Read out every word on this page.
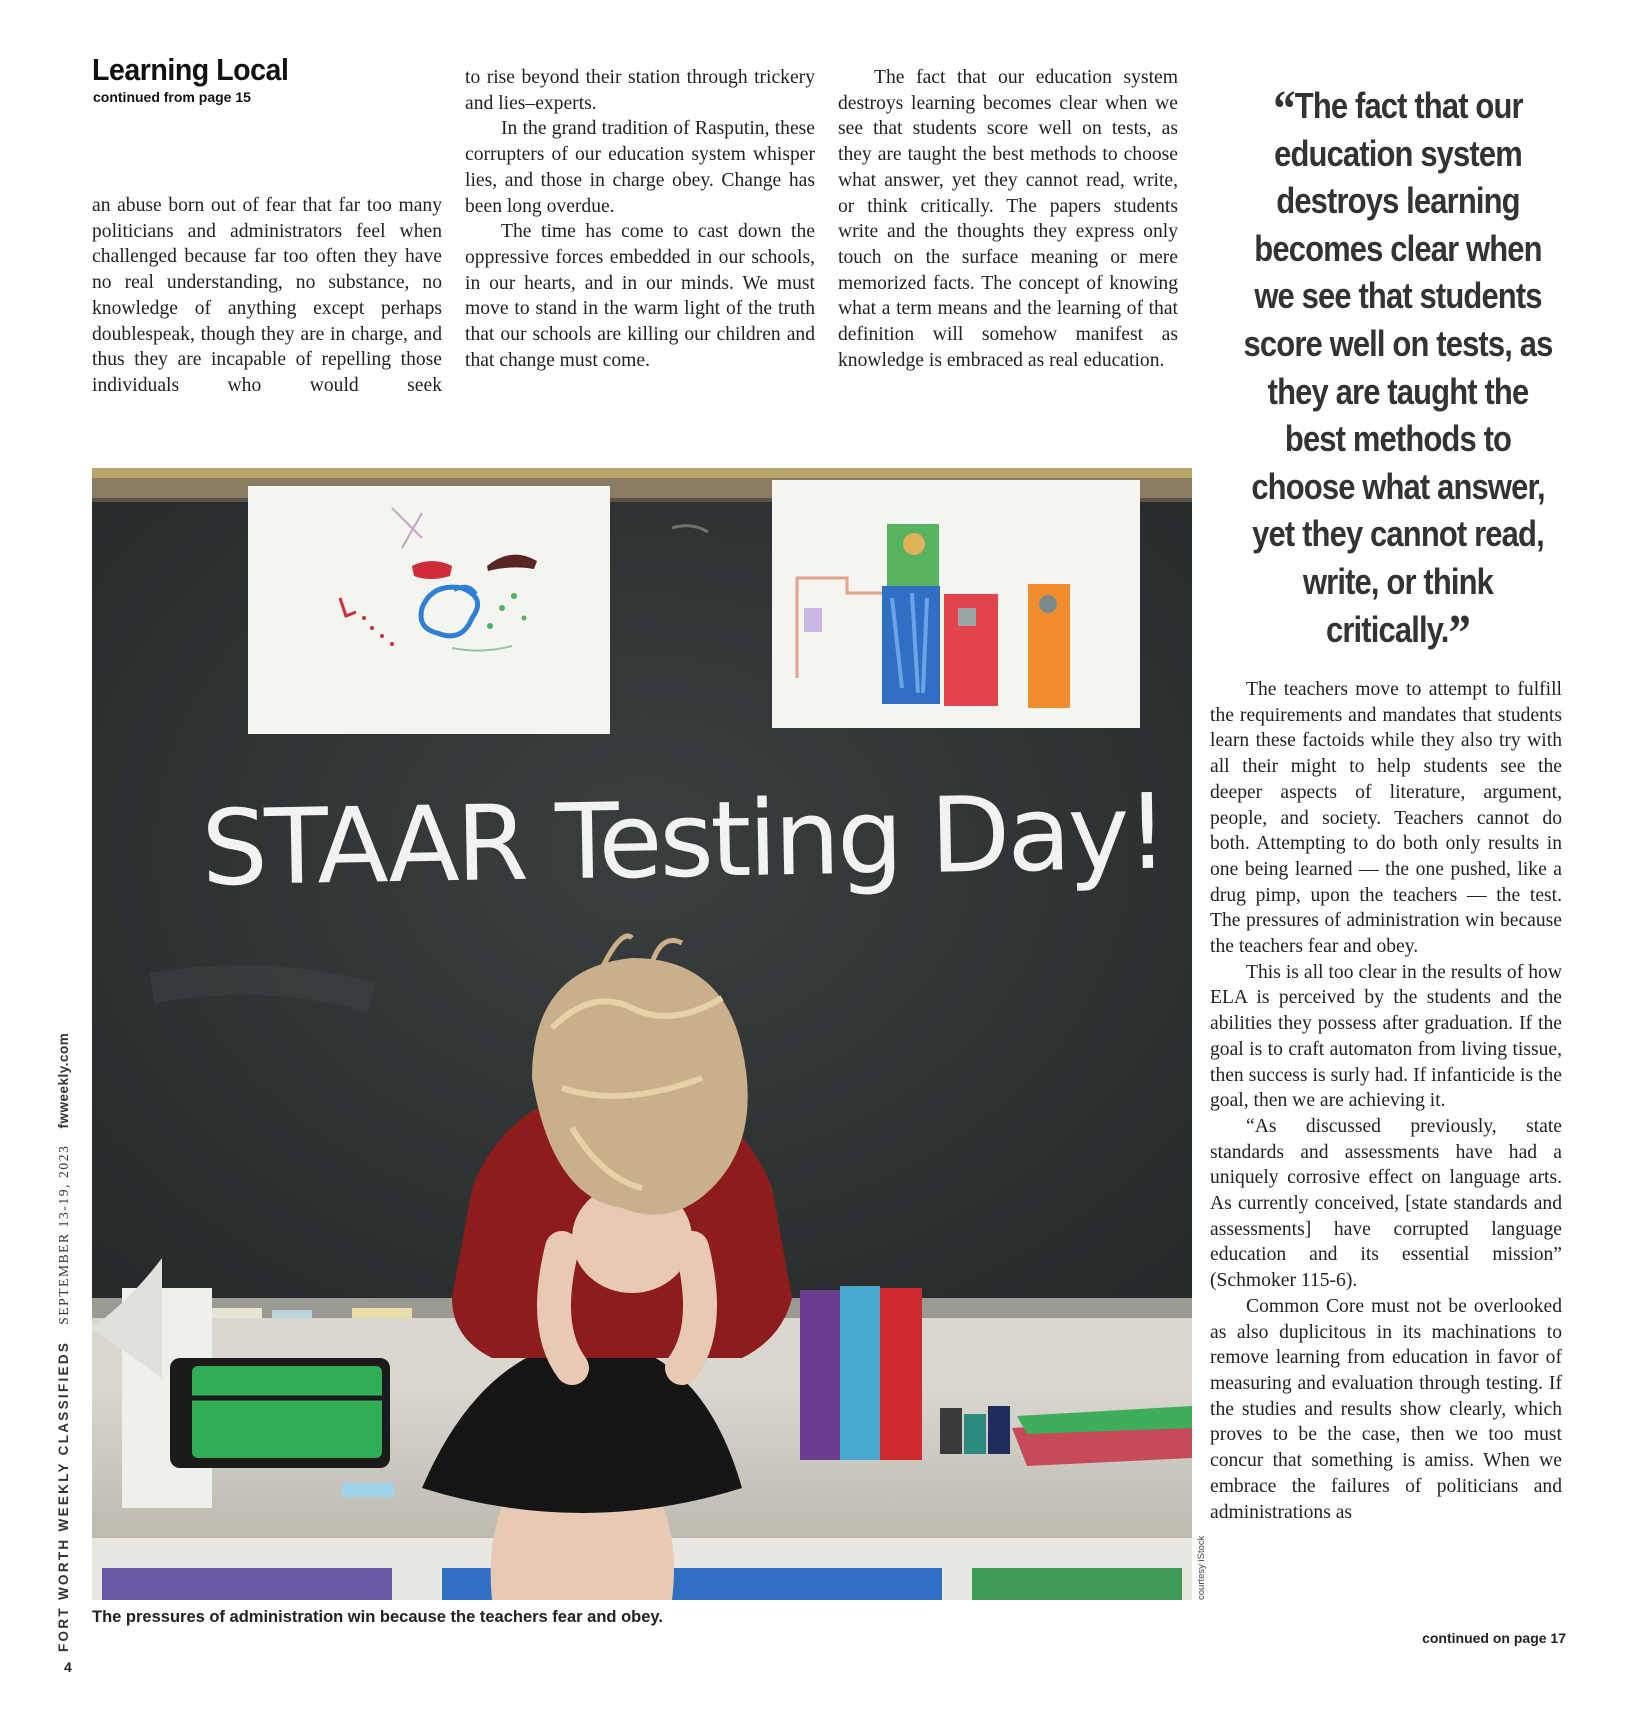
Learning Local
continued from page 15

an abuse born out of fear that far too many politicians and administrators feel when challenged because far too often they have no real understanding, no substance, no knowledge of anything except perhaps doublespeak, though they are in charge, and thus they are incapable of repelling those individuals who would seek

to rise beyond their station through trickery and lies–experts.

In the grand tradition of Rasputin, these corrupters of our education system whisper lies, and those in charge obey. Change has been long overdue.

The time has come to cast down the oppressive forces embedded in our schools, in our hearts, and in our minds. We must move to stand in the warm light of the truth that our schools are killing our children and that change must come.

The fact that our education system destroys learning becomes clear when we see that students score well on tests, as they are taught the best methods to choose what answer, yet they cannot read, write, or think critically. The papers students write and the thoughts they express only touch on the surface meaning or mere memorized facts. The concept of knowing what a term means and the learning of that definition will somehow manifest as knowledge is embraced as real education.

“The fact that our education system destroys learning becomes clear when we see that students score well on tests, as they are taught the best methods to choose what answer, yet they cannot read, write, or think critically.”

The teachers move to attempt to fulfill the requirements and mandates that students learn these factoids while they also try with all their might to help students see the deeper aspects of literature, argument, people, and society. Teachers cannot do both. Attempting to do both only results in one being learned — the one pushed, like a drug pimp, upon the teachers — the test. The pressures of administration win because the teachers fear and obey.

This is all too clear in the results of how ELA is perceived by the students and the abilities they possess after graduation. If the goal is to craft automaton from living tissue, then success is surly had. If infanticide is the goal, then we are achieving it.

“As discussed previously, state standards and assessments have had a uniquely corrosive effect on language arts. As currently conceived, [state standards and assessments] have corrupted language education and its essential mission” (Schmoker 115-6).

Common Core must not be overlooked as also duplicitous in its machinations to remove learning from education in favor of measuring and evaluation through testing. If the studies and results show clearly, which proves to be the case, then we too must concur that something is amiss. When we embrace the failures of politicians and administrations as

STAAR Testing Day!
courtesy iStock
The pressures of administration win because the teachers fear and obey.
FORT WORTH WEEKLY CLASSIFIEDSSEPTEMBER 13-19, 2023fwweekly.com
4
continued on page 17
